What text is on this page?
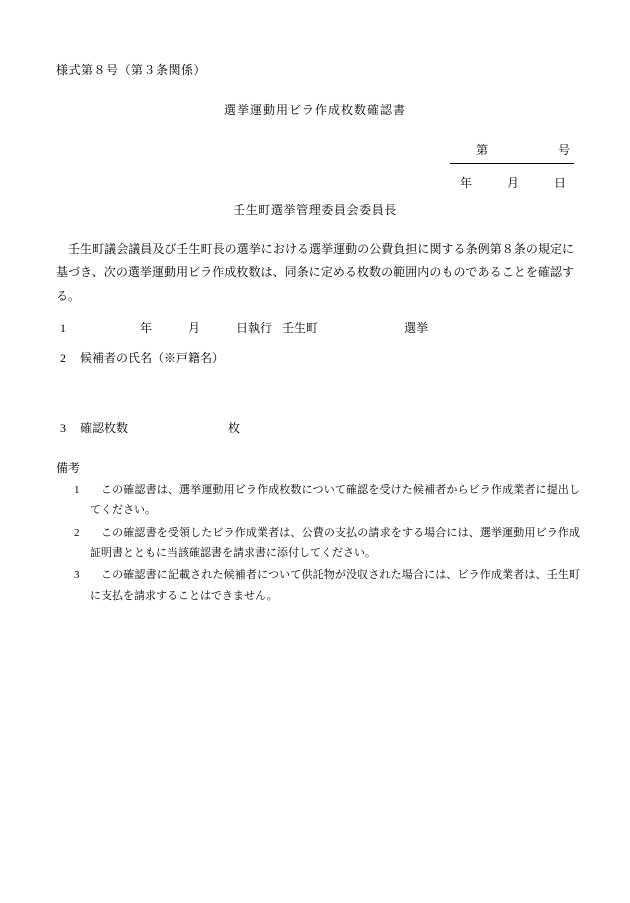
様式第８号（第３条関係）
選挙運動用ビラ作成枚数確認書
第	号
年	月	日
壬生町選挙管理委員会委員長
壬生町議会議員及び壬生町長の選挙における選挙運動の公費負担に関する条例第８条の規定に基づき、次の選挙運動用ビラ作成枚数は、同条に定める枚数の範囲内のものであることを確認する。
1	年	月	日執行 壬生町	選挙
2 候補者の氏名（※戸籍名）
3 確認枚数	枚
備考
1	この確認書は、選挙運動用ビラ作成枚数について確認を受けた候補者からビラ作成業者に提出してください。
2	この確認書を受領したビラ作成業者は、公費の支払の請求をする場合には、選挙運動用ビラ作成証明書とともに当該確認書を請求書に添付してください。
3	この確認書に記載された候補者について供託物が没収された場合には、ビラ作成業者は、壬生町に支払を請求することはできません。
